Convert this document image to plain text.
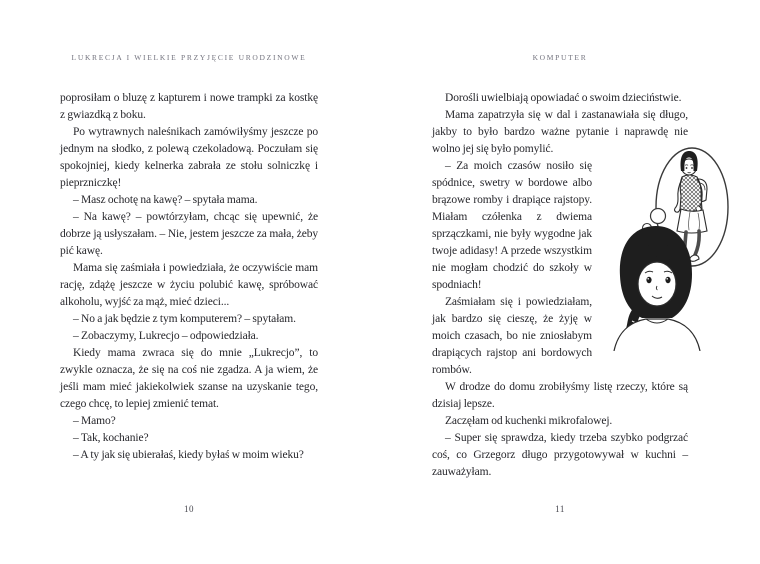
LUKRECJA I WIELKIE PRZYJĘCIE URODZINOWE

poprosiłam o bluzę z kapturem i nowe trampki za kostkę z gwiazdką z boku.

Po wytrawnych naleśnikach zamówiłyśmy jeszcze po jednym na słodko, z polewą czekoladową. Poczułam się spokojniej, kiedy kelnerka zabrała ze stołu solniczkę i pieprzniczkę!

– Masz ochotę na kawę? – spytała mama.

– Na kawę? – powtórzyłam, chcąc się upewnić, że dobrze ją usłyszałam. – Nie, jestem jeszcze za mała, żeby pić kawę.

Mama się zaśmiała i powiedziała, że oczywiście mam rację, zdążę jeszcze w życiu polubić kawę, spróbować alkoholu, wyjść za mąż, mieć dzieci...

– No a jak będzie z tym komputerem? – spytałam.

– Zobaczymy, Lukrecjo – odpowiedziała.

Kiedy mama zwraca się do mnie „Lukrecjo”, to zwykle oznacza, że się na coś nie zgadza. A ja wiem, że jeśli mam mieć jakiekolwiek szanse na uzyskanie tego, czego chcę, to lepiej zmienić temat.

– Mamo?

– Tak, kochanie?

– A ty jak się ubierałaś, kiedy byłaś w moim wieku?

10
KOMPUTER

Dorośli uwielbiają opowiadać o swoim dzieciństwie.

Mama zapatrzyła się w dal i zastanawiała się długo, jakby to było bardzo ważne pytanie i naprawdę nie wolno jej się było pomylić.

– Za moich czasów nosiło się spódnice, swetry w bordowe albo brązowe romby i drapiące rajstopy. Miałam czółenka z dwiema sprzączkami, nie były wygodne jak twoje adidasy! A przede wszystkim nie mogłam chodzić do szkoły w spodniach!

Zaśmiałam się i powiedziałam, jak bardzo się cieszę, że żyję w moich czasach, bo nie zniosłabym drapiących rajstop ani bordowych rombów.

W drodze do domu zrobiłyśmy listę rzeczy, które są dzisiaj lepsze.

Zaczęłam od kuchenki mikrofalowej.

– Super się sprawdza, kiedy trzeba szybko podgrzać coś, co Grzegorz długo przygotowywał w kuchni – zauważyłam.

11
